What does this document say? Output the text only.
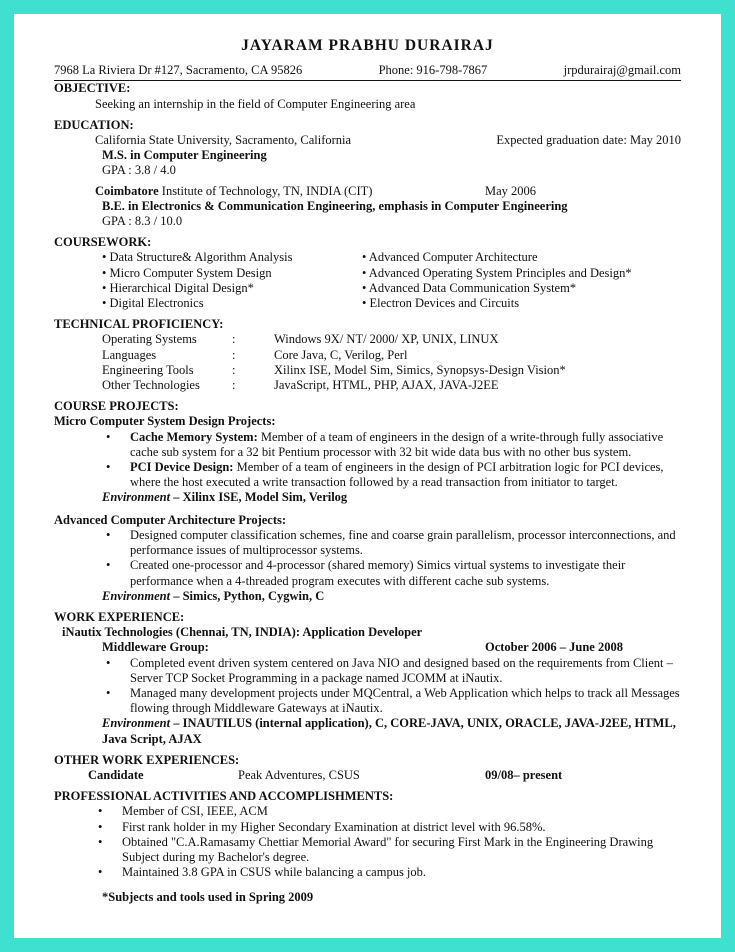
JAYARAM PRABHU DURAIRAJ
7968 La Riviera Dr #127, Sacramento, CA 95826	Phone: 916-798-7867	jrpdurairaj@gmail.com
OBJECTIVE:
Seeking an internship in the field of Computer Engineering area
EDUCATION:
California State University, Sacramento, California	Expected graduation date: May 2010
M.S. in Computer Engineering
GPA : 3.8 / 4.0
Coimbatore Institute of Technology, TN, INDIA (CIT)	May 2006
B.E. in Electronics & Communication Engineering, emphasis in Computer Engineering
GPA : 8.3 / 10.0
COURSEWORK:
• Data Structure& Algorithm Analysis	• Advanced Computer Architecture
• Micro Computer System Design	• Advanced Operating System Principles and Design*
• Hierarchical Digital Design*	• Advanced Data Communication System*
• Digital Electronics	• Electron Devices and Circuits
TECHNICAL PROFICIENCY:
Operating Systems	:	Windows 9X/ NT/ 2000/ XP, UNIX, LINUX
Languages	:	Core Java, C, Verilog, Perl
Engineering Tools	:	Xilinx ISE, Model Sim, Simics, Synopsys-Design Vision*
Other Technologies	:	JavaScript, HTML, PHP, AJAX, JAVA-J2EE
COURSE PROJECTS:
Micro Computer System Design Projects:
• Cache Memory System: Member of a team of engineers in the design of a write-through fully associative cache sub system for a 32 bit Pentium processor with 32 bit wide data bus with no other bus system.
• PCI Device Design: Member of a team of engineers in the design of PCI arbitration logic for PCI devices, where the host executed a write transaction followed by a read transaction from initiator to target.
Environment – Xilinx ISE, Model Sim, Verilog
Advanced Computer Architecture Projects:
• Designed computer classification schemes, fine and coarse grain parallelism, processor interconnections, and performance issues of multiprocessor systems.
• Created one-processor and 4-processor (shared memory) Simics virtual systems to investigate their performance when a 4-threaded program executes with different cache sub systems.
Environment – Simics, Python, Cygwin, C
WORK EXPERIENCE:
iNautix Technologies (Chennai, TN, INDIA): Application Developer
Middleware Group:	October 2006 – June 2008
• Completed event driven system centered on Java NIO and designed based on the requirements from Client – Server TCP Socket Programming in a package named JCOMM at iNautix.
• Managed many development projects under MQCentral, a Web Application which helps to track all Messages flowing through Middleware Gateways at iNautix.
Environment – INAUTILUS (internal application), C, CORE-JAVA, UNIX, ORACLE, JAVA-J2EE, HTML, Java Script, AJAX
OTHER WORK EXPERIENCES:
Candidate	Peak Adventures, CSUS	09/08– present
PROFESSIONAL ACTIVITIES AND ACCOMPLISHMENTS:
• Member of CSI, IEEE, ACM
• First rank holder in my Higher Secondary Examination at district level with 96.58%.
• Obtained "C.A.Ramasamy Chettiar Memorial Award" for securing First Mark in the Engineering Drawing Subject during my Bachelor's degree.
• Maintained 3.8 GPA in CSUS while balancing a campus job.
*Subjects and tools used in Spring 2009
